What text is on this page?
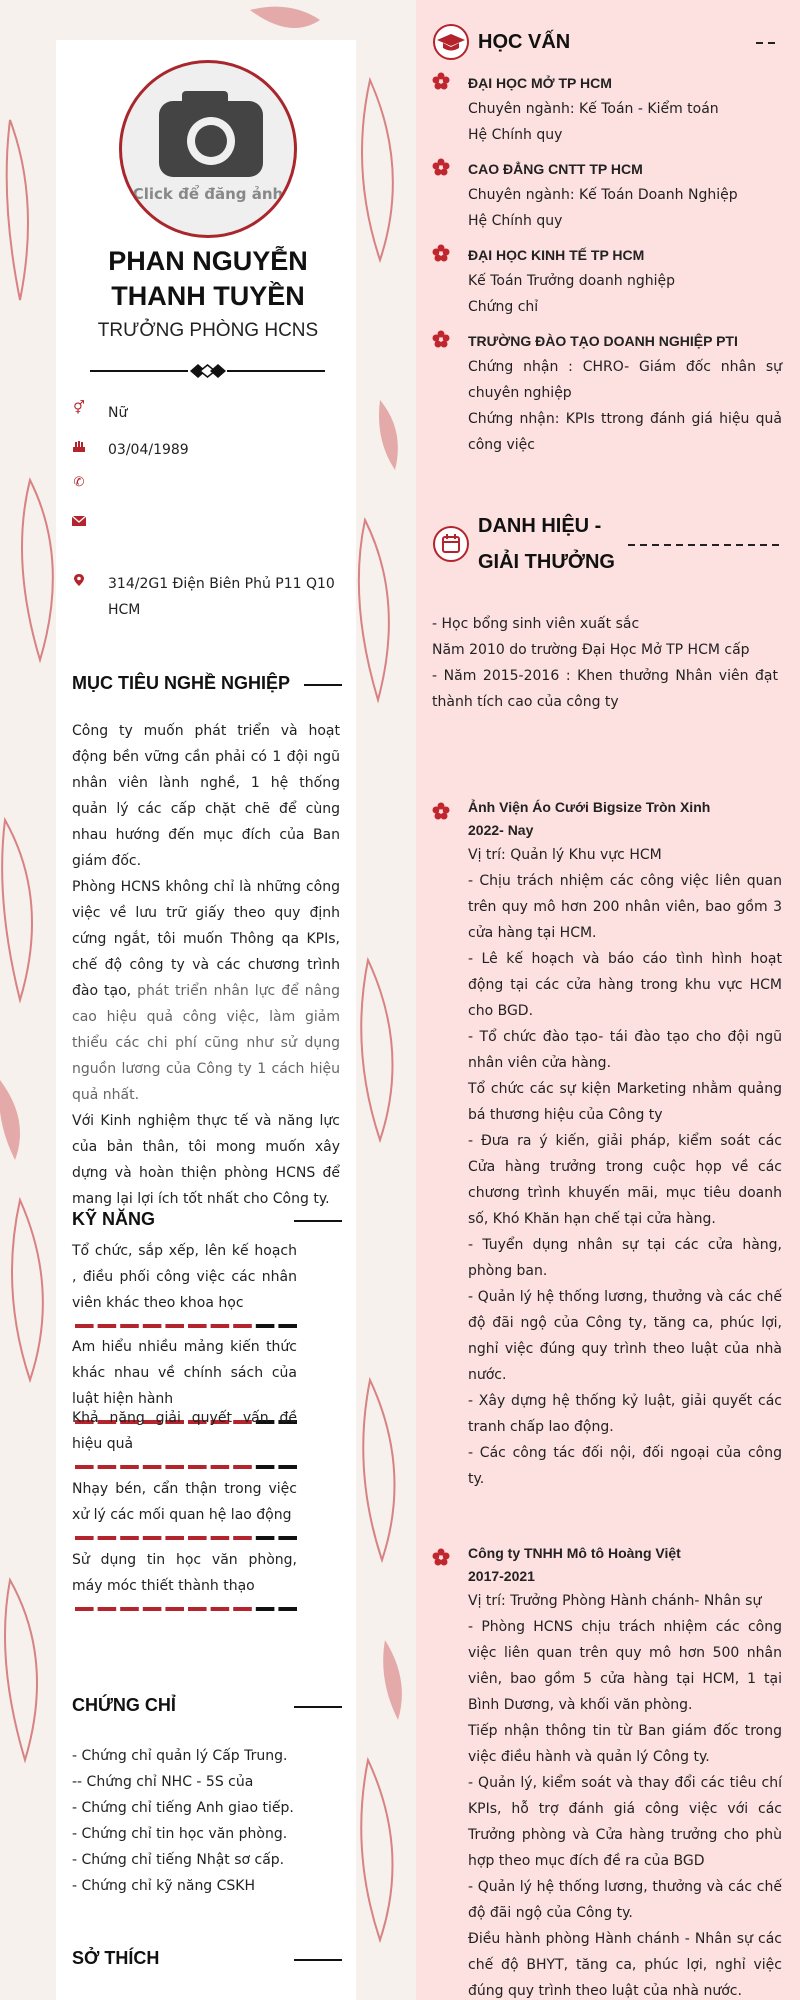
Click để đăng ảnh
PHAN NGUYỄN THANH TUYỀN
TRƯỞNG PHÒNG HCNS
⚥ Nữ
03/04/1989
✆
314/2G1 Điện Biên Phủ P11 Q10 HCM
MỤC TIÊU NGHỀ NGHIỆP

Công ty muốn phát triển và hoạt động bền vững cần phải có 1 đội ngũ nhân viên lành nghề, 1 hệ thống quản lý các cấp chặt chẽ để cùng nhau hướng đến mục đích của Ban giám đốc.

Phòng HCNS không chỉ là những công việc về lưu trữ giấy theo quy định cứng ngắt, tôi muốn Thông qa KPIs, chế độ công ty và các chương trình đào tạo, phát triển nhân lực để nâng cao hiệu quả công việc, làm giảm thiểu các chi phí cũng như sử dụng nguồn lương của Công ty 1 cách hiệu quả nhất.

Với Kinh nghiệm thực tế và năng lực của bản thân, tôi mong muốn xây dựng và hoàn thiện phòng HCNS để mang lại lợi ích tốt nhất cho Công ty.

KỸ NĂNG
Tổ chức, sắp xếp, lên kế hoạch , điều phối công việc các nhân viên khác theo khoa học
Am hiểu nhiều mảng kiến thức khác nhau về chính sách của luật hiện hành
Khả năng giải quyết vấn đề hiệu quả
Nhạy bén, cẩn thận trong việc xử lý các mối quan hệ lao động
Sử dụng tin học văn phòng, máy móc thiết thành thạo
CHỨNG CHỈ
- Chứng chỉ quản lý Cấp Trung.
-- Chứng chỉ NHC - 5S của
- Chứng chỉ tiếng Anh giao tiếp.
- Chứng chỉ tin học văn phòng.
- Chứng chỉ tiếng Nhật sơ cấp.
- Chứng chỉ kỹ năng CSKH
SỞ THÍCH
HỌC VẤN
ĐẠI HỌC MỞ TP HCM
Chuyên ngành: Kế Toán - Kiểm toán
Hệ Chính quy
CAO ĐẲNG CNTT TP HCM
Chuyên ngành: Kế Toán Doanh Nghiệp
Hệ Chính quy
ĐẠI HỌC KINH TẾ TP HCM
Kế Toán Trưởng doanh nghiệp
Chứng chỉ
TRƯỜNG ĐÀO TẠO DOANH NGHIỆP PTI
Chứng nhận : CHRO- Giám đốc nhân sự chuyên nghiệp
Chứng nhận: KPIs ttrong đánh giá hiệu quả công việc
DANH HIỆU -
GIẢI THƯỞNG
- Học bổng sinh viên xuất sắc
Năm 2010 do trường Đại Học Mở TP HCM cấp
- Năm 2015-2016 : Khen thưởng Nhân viên đạt thành tích cao của công ty
Ảnh Viện Áo Cưới Bigsize Tròn Xinh
2022- Nay
Vị trí: Quản lý Khu vực HCM
- Chịu trách nhiệm các công việc liên quan trên quy mô hơn 200 nhân viên, bao gồm 3 cửa hàng tại HCM.
- Lê kế hoạch và báo cáo tình hình hoạt động tại các cửa hàng trong khu vực HCM cho BGD.
- Tổ chức đào tạo- tái đào tạo cho đội ngũ nhân viên cửa hàng.
Tổ chức các sự kiện Marketing nhằm quảng bá thương hiệu của Công ty
- Đưa ra ý kiến, giải pháp, kiểm soát các Cửa hàng trưởng trong cuộc họp về các chương trình khuyến mãi, mục tiêu doanh số, Khó Khăn hạn chế tại cửa hàng.
- Tuyển dụng nhân sự tại các cửa hàng, phòng ban.
- Quản lý hệ thống lương, thưởng và các chế độ đãi ngộ của Công ty, tăng ca, phúc lợi, nghỉ việc đúng quy trình theo luật của nhà nước.
- Xây dựng hệ thống kỷ luật, giải quyết các tranh chấp lao động.
- Các công tác đối nội, đối ngoại của công ty.
Công ty TNHH Mô tô Hoàng Việt
2017-2021
Vị trí: Trưởng Phòng Hành chánh- Nhân sự
- Phòng HCNS chịu trách nhiệm các công việc liên quan trên quy mô hơn 500 nhân viên, bao gồm 5 cửa hàng tại HCM, 1 tại Bình Dương, và khối văn phòng.
Tiếp nhận thông tin từ Ban giám đốc trong việc điều hành và quản lý Công ty.
- Quản lý, kiểm soát và thay đổi các tiêu chí KPIs, hỗ trợ đánh giá công việc với các Trưởng phòng và Cửa hàng trưởng cho phù hợp theo mục đích đề ra của BGD
- Quản lý hệ thống lương, thưởng và các chế độ đãi ngộ của Công ty.
Điều hành phòng Hành chánh - Nhân sự các chế độ BHYT, tăng ca, phúc lợi, nghỉ việc đúng quy trình theo luật của nhà nước.
